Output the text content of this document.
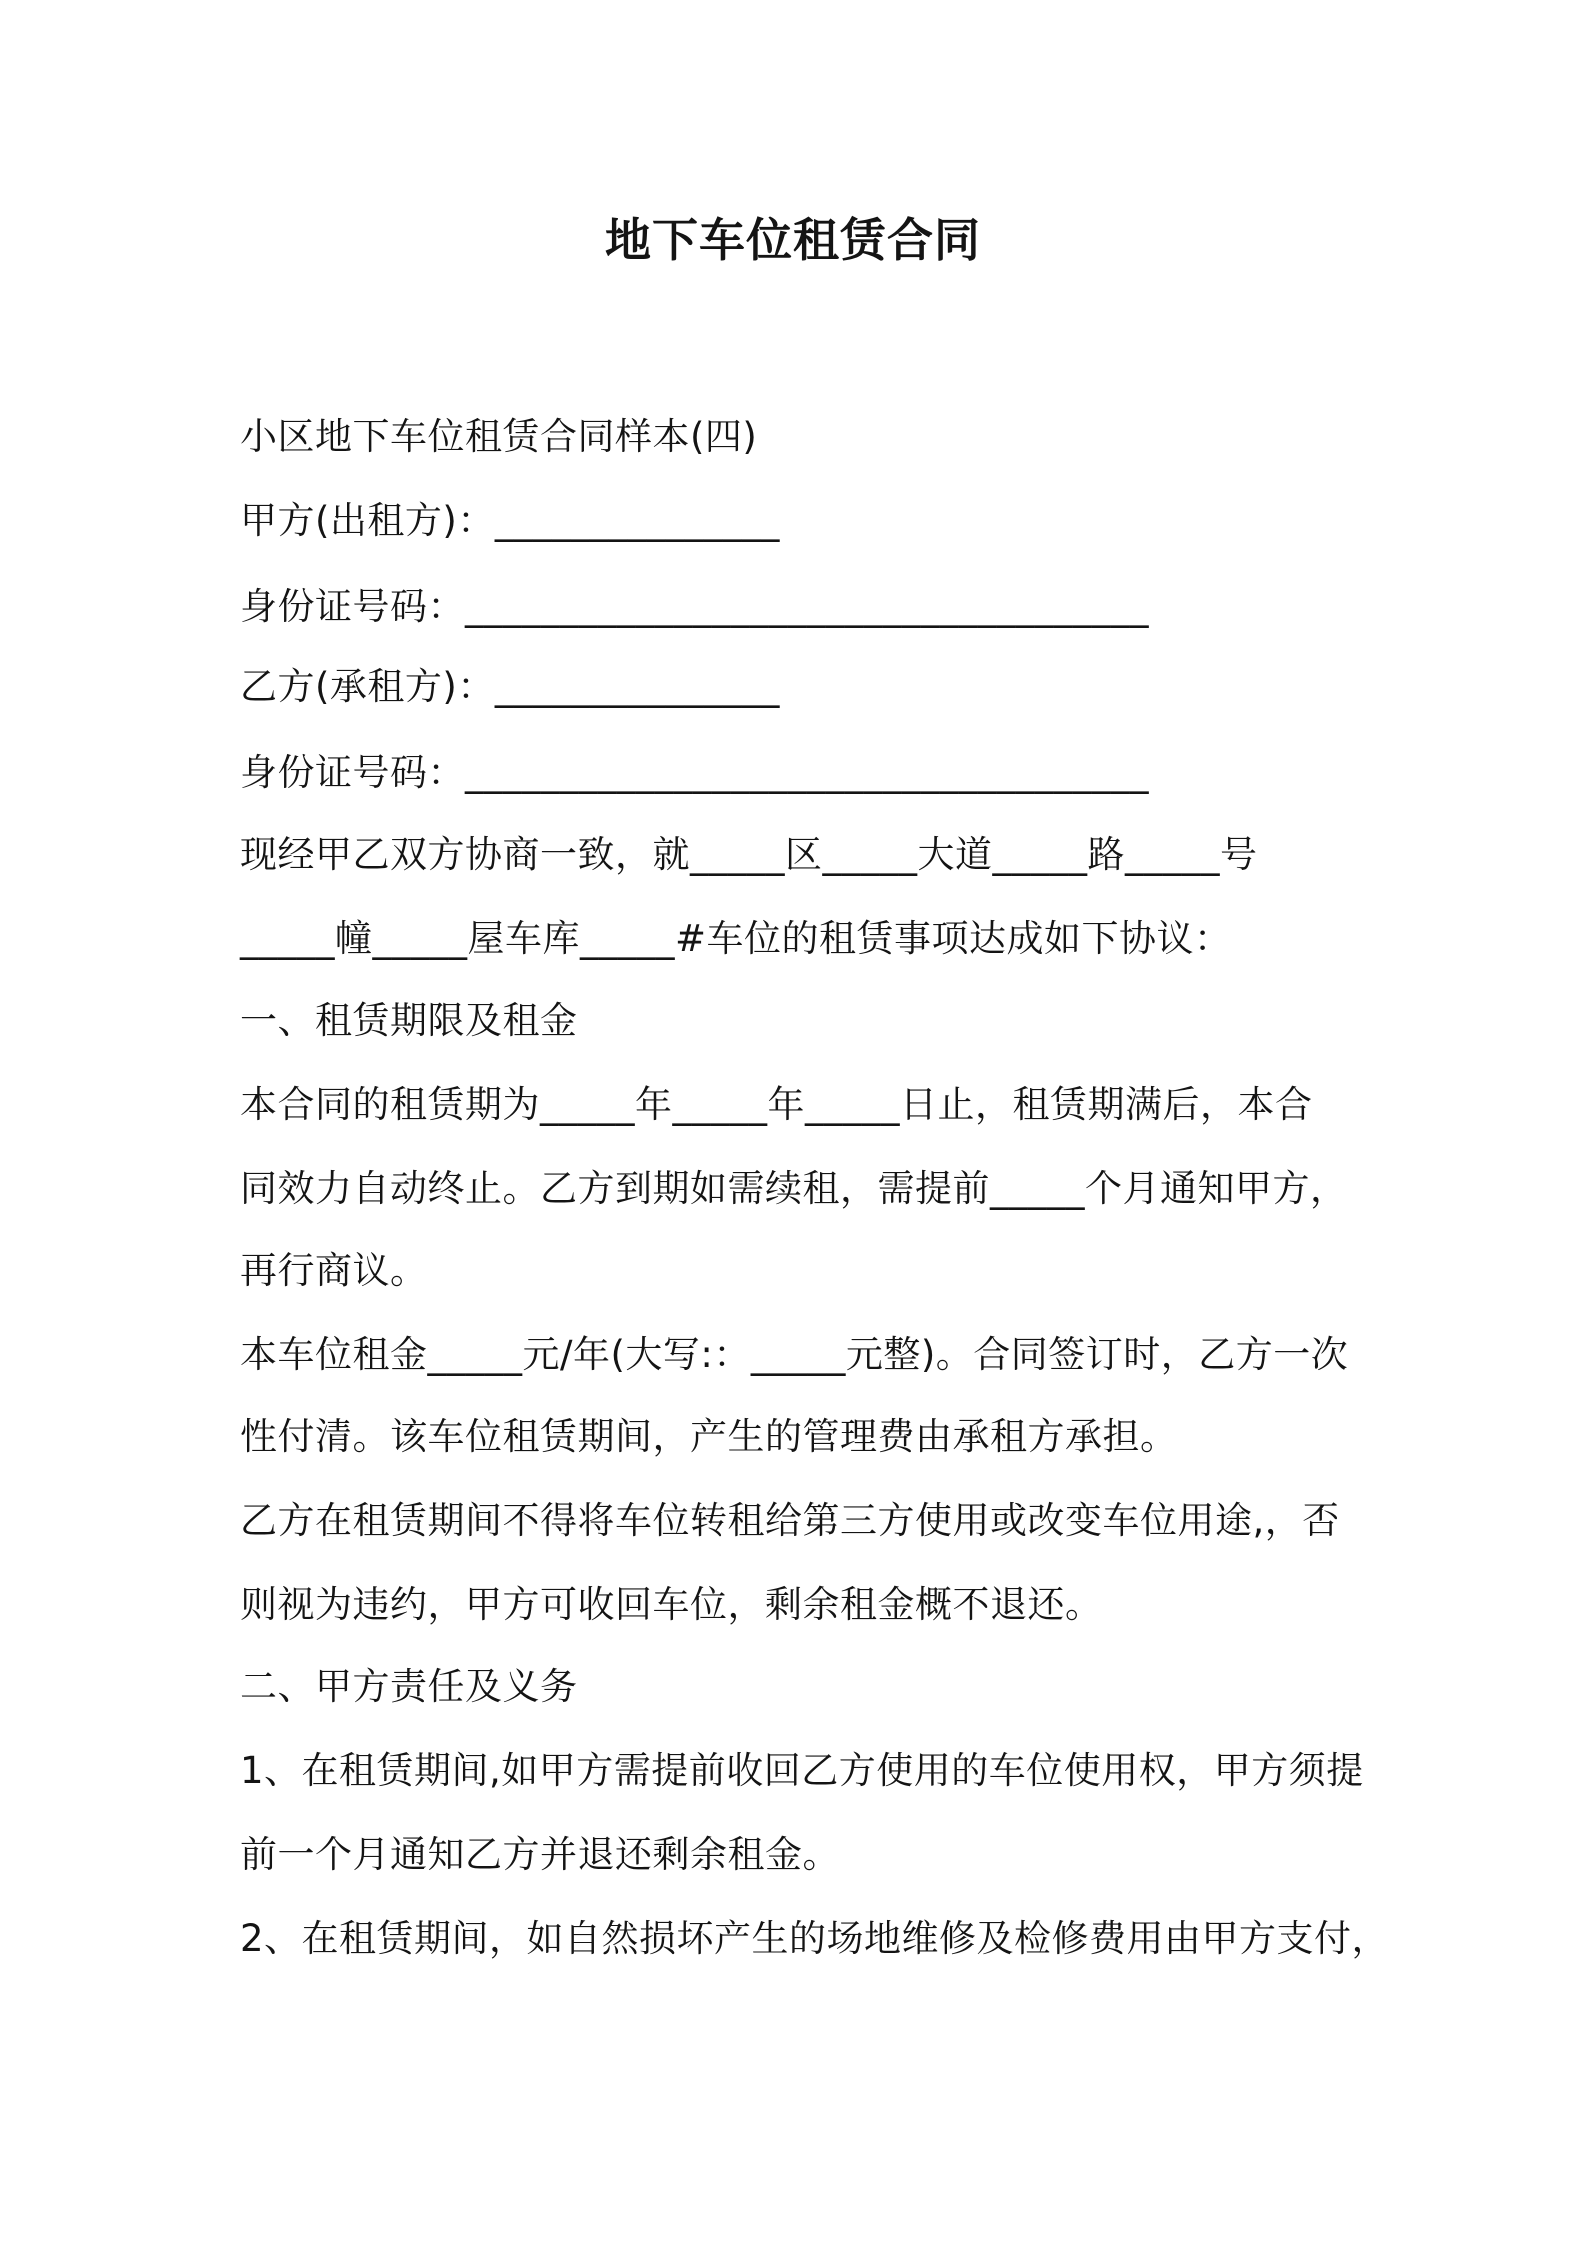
地下车位租赁合同
小区地下车位租赁合同样本(四)
甲方(出租方)：_______________
身份证号码：____________________________________
乙方(承租方)：_______________
身份证号码：____________________________________
现经甲乙双方协商一致，就_____区_____大道_____路_____号
_____幢_____屋车库_____#车位的租赁事项达成如下协议：
一、租赁期限及租金
本合同的租赁期为_____年_____年_____日止，租赁期满后，本合
同效力自动终止。乙方到期如需续租，需提前_____个月通知甲方，
再行商议。
本车位租金_____元/年(大写:：_____元整)。合同签订时，乙方一次
性付清。该车位租赁期间，产生的管理费由承租方承担。
乙方在租赁期间不得将车位转租给第三方使用或改变车位用途,，否
则视为违约，甲方可收回车位，剩余租金概不退还。
二、甲方责任及义务
1、在租赁期间,如甲方需提前收回乙方使用的车位使用权，甲方须提
前一个月通知乙方并退还剩余租金。
2、在租赁期间，如自然损坏产生的场地维修及检修费用由甲方支付，
